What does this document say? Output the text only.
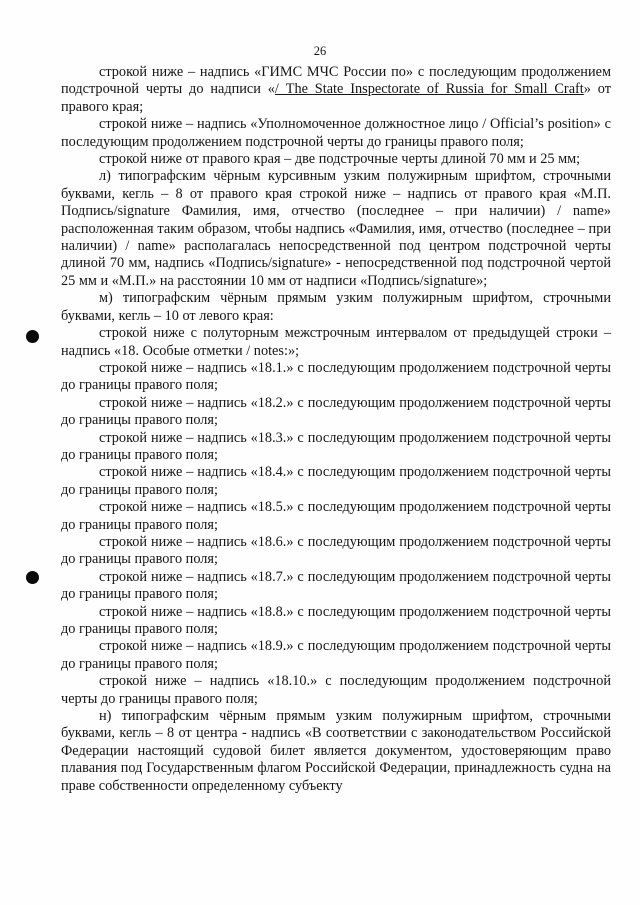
26

строкой ниже – надпись «ГИМС МЧС России по» с последующим продолжением подстрочной черты до надписи «/ The State Inspectorate of Russia for Small Craft» от правого края;

строкой ниже – надпись «Уполномоченное должностное лицо / Official’s position» с последующим продолжением подстрочной черты до границы правого поля;

строкой ниже от правого края – две подстрочные черты длиной 70 мм и 25 мм;

л) типографским чёрным курсивным узким полужирным шрифтом, строчными буквами, кегль – 8 от правого края строкой ниже – надпись от правого края «М.П. Подпись/signature Фамилия, имя, отчество (последнее – при наличии) / name» расположенная таким образом, чтобы надпись «Фамилия, имя, отчество (последнее – при наличии) / name» располагалась непосредственной под центром подстрочной черты длиной 70 мм, надпись «Подпись/signature» - непосредственной под подстрочной чертой 25 мм и «М.П.» на расстоянии 10 мм от надписи «Подпись/signature»;

м) типографским чёрным прямым узким полужирным шрифтом, строчными буквами, кегль – 10 от левого края:

строкой ниже с полуторным межстрочным интервалом от предыдущей строки – надпись «18. Особые отметки / notes:»;

строкой ниже – надпись «18.1.» с последующим продолжением подстрочной черты до границы правого поля;

строкой ниже – надпись «18.2.» с последующим продолжением подстрочной черты до границы правого поля;

строкой ниже – надпись «18.3.» с последующим продолжением подстрочной черты до границы правого поля;

строкой ниже – надпись «18.4.» с последующим продолжением подстрочной черты до границы правого поля;

строкой ниже – надпись «18.5.» с последующим продолжением подстрочной черты до границы правого поля;

строкой ниже – надпись «18.6.» с последующим продолжением подстрочной черты до границы правого поля;

строкой ниже – надпись «18.7.» с последующим продолжением подстрочной черты до границы правого поля;

строкой ниже – надпись «18.8.» с последующим продолжением подстрочной черты до границы правого поля;

строкой ниже – надпись «18.9.» с последующим продолжением подстрочной черты до границы правого поля;

строкой ниже – надпись «18.10.» с последующим продолжением подстрочной черты до границы правого поля;

н) типографским чёрным прямым узким полужирным шрифтом, строчными буквами, кегль – 8 от центра - надпись «В соответствии с законодательством Российской Федерации настоящий судовой билет является документом, удостоверяющим право плавания под Государственным флагом Российской Федерации, принадлежность судна на праве собственности определенному субъекту
